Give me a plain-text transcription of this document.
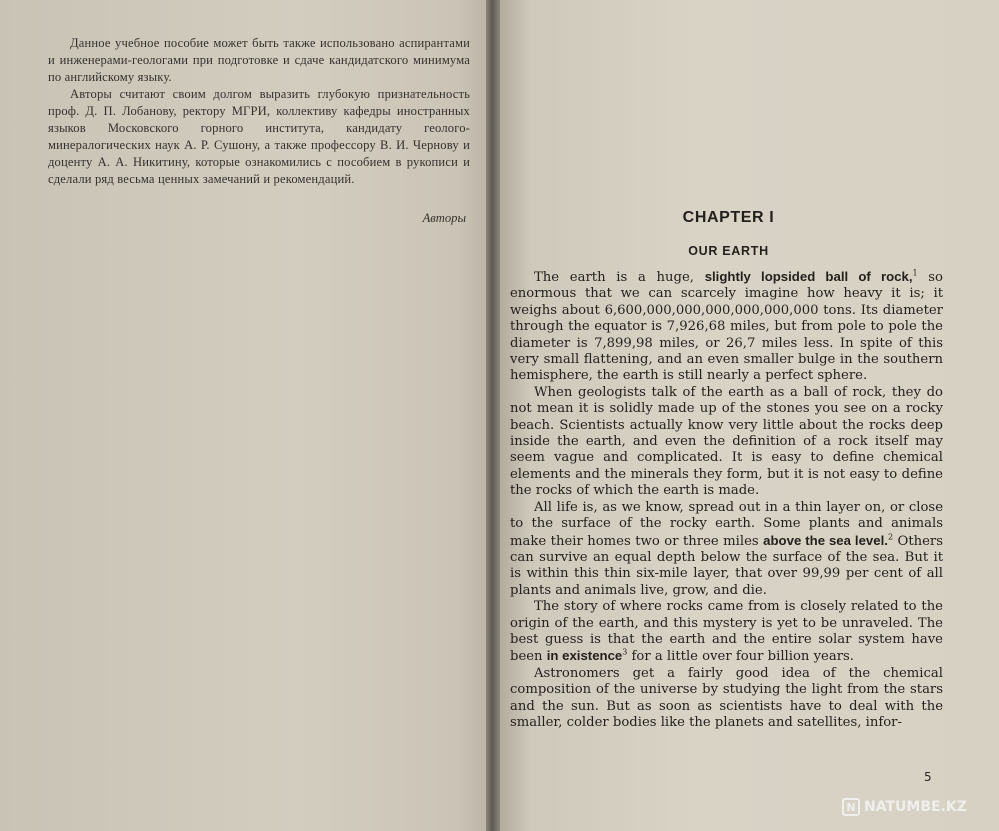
Данное учебное пособие может быть также использовано аспирантами и инженерами-геологами при подготовке и сдаче кандидатского минимума по английскому языку.

Авторы считают своим долгом выразить глубокую признательность проф. Д. П. Лобанову, ректору МГРИ, коллективу кафедры иностранных языков Московского горного института, кандидату геолого-минералогических наук А. Р. Сушону, а также профессору В. И. Чернову и доценту А. А. Никитину, которые ознакомились с пособием в рукописи и сделали ряд весьма ценных замечаний и рекомендаций.

Авторы	CHAPTER I
OUR EARTH

The earth is a huge, slightly lopsided ball of rock,$^1$ so enormous that we can scarcely imagine how heavy it is; it weighs about 6,600,000,000,000,000,000,000 tons. Its diameter through the equator is 7,926,68 miles, but from pole to pole the diameter is 7,899,98 miles, or 26,7 miles less. In spite of this very small flattening, and an even smaller bulge in the southern hemisphere, the earth is still nearly a perfect sphere.

When geologists talk of the earth as a ball of rock, they do not mean it is solidly made up of the stones you see on a rocky beach. Scientists actually know very little about the rocks deep inside the earth, and even the definition of a rock itself may seem vague and complicated. It is easy to define chemical elements and the minerals they form, but it is not easy to define the rocks of which the earth is made.

All life is, as we know, spread out in a thin layer on, or close to the surface of the rocky earth. Some plants and animals make their homes two or three miles above the sea level.$^2$ Others can survive an equal depth below the surface of the sea. But it is within this thin six-mile layer, that over 99,99 per cent of all plants and animals live, grow, and die.

The story of where rocks came from is closely related to the origin of the earth, and this mystery is yet to be unraveled. The best guess is that the earth and the entire solar system have been in existence$^3$ for a little over four billion years.

Astronomers get a fairly good idea of the chemical composition of the universe by studying the light from the stars and the sun. But as soon as scientists have to deal with the smaller, colder bodies like the planets and satellites, infor-

5
N NATUMBE.KZ
